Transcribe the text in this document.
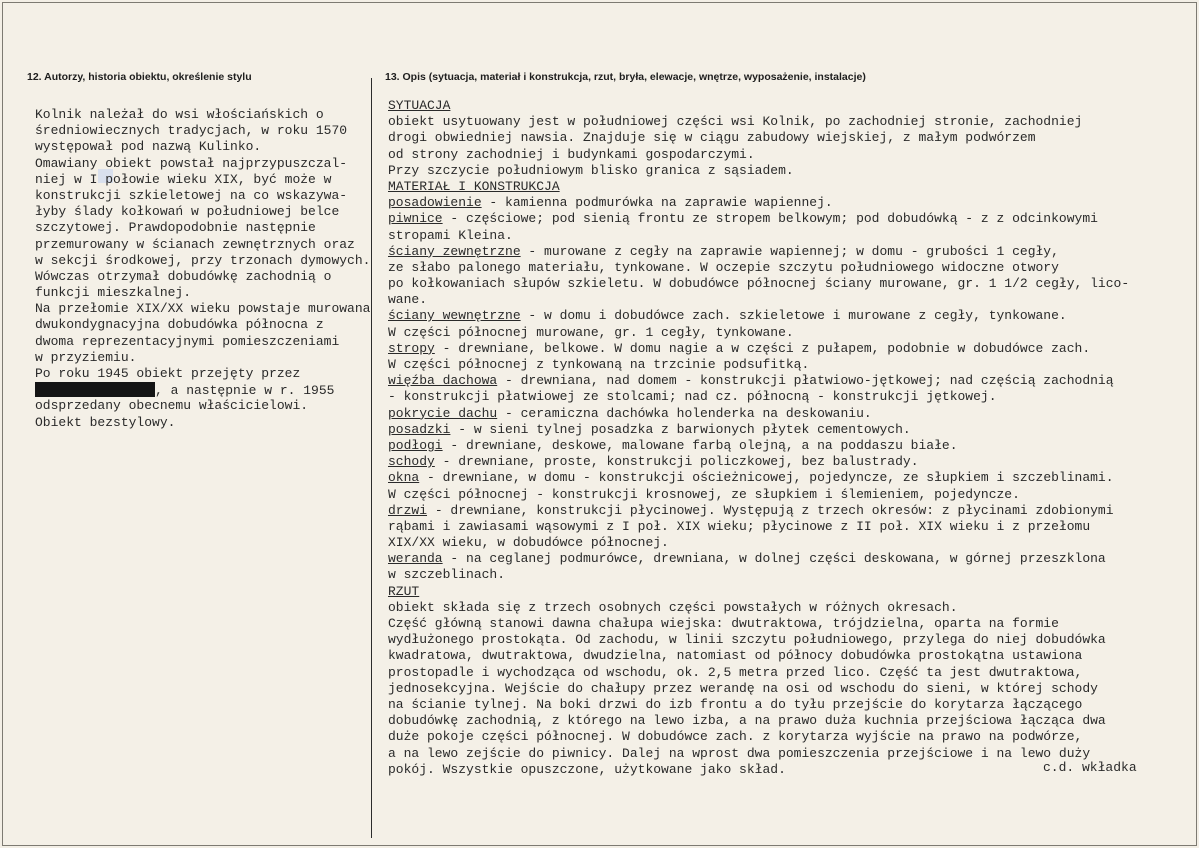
12. Autorzy, historia obiektu, określenie stylu	13. Opis (sytuacja, materiał i konstrukcja, rzut, bryła, elewacje, wnętrze, wyposażenie, instalacje)
Kolnik należał do wsi włościańskich o
średniowiecznych tradycjach, w roku 1570
występował pod nazwą Kulinko.
Omawiany obiekt powstał najprzypuszczal-
niej w I połowie wieku XIX, być może w
konstrukcji szkieletowej na co wskazywa-
łyby ślady kołkowań w południowej belce
szczytowej. Prawdopodobnie następnie
przemurowany w ścianach zewnętrznych oraz
w sekcji środkowej, przy trzonach dymowych.
Wówczas otrzymał dobudówkę zachodnią o
funkcji mieszkalnej.
Na przełomie XIX/XX wieku powstaje murowana
dwukondygnacyjna dobudówka północna z
dwoma reprezentacyjnymi pomieszczeniami
w przyziemiu.
Po roku 1945 obiekt przejęty przez
, a następnie w r. 1955
odsprzedany obecnemu właścicielowi.
Obiekt bezstylowy.
SYTUACJA
obiekt usytuowany jest w południowej części wsi Kolnik, po zachodniej stronie, zachodniej
drogi obwiedniej nawsia. Znajduje się w ciągu zabudowy wiejskiej, z małym podwórzem
od strony zachodniej i budynkami gospodarczymi.
Przy szczycie południowym blisko granica z sąsiadem.
MATERIAŁ I KONSTRUKCJA
posadowienie - kamienna podmurówka na zaprawie wapiennej.
piwnice - częściowe; pod sienią frontu ze stropem belkowym; pod dobudówką - z z odcinkowymi
stropami Kleina.
ściany zewnętrzne - murowane z cegły na zaprawie wapiennej; w domu - grubości 1 cegły,
ze słabo palonego materiału, tynkowane. W oczepie szczytu południowego widoczne otwory
po kołkowaniach słupów szkieletu. W dobudówce północnej ściany murowane, gr. 1 1/2 cegły, lico-
wane.
ściany wewnętrzne - w domu i dobudówce zach. szkieletowe i murowane z cegły, tynkowane.
W części północnej murowane, gr. 1 cegły, tynkowane.
stropy - drewniane, belkowe. W domu nagie a w części z pułapem, podobnie w dobudówce zach.
W części północnej z tynkowaną na trzcinie podsufitką.
więźba dachowa - drewniana, nad domem - konstrukcji płatwiowo-jętkowej; nad częścią zachodnią
- konstrukcji płatwiowej ze stolcami; nad cz. północną - konstrukcji jętkowej.
pokrycie dachu - ceramiczna dachówka holenderka na deskowaniu.
posadzki - w sieni tylnej posadzka z barwionych płytek cementowych.
podłogi - drewniane, deskowe, malowane farbą olejną, a na poddaszu białe.
schody - drewniane, proste, konstrukcji policzkowej, bez balustrady.
okna - drewniane, w domu - konstrukcji ościeżnicowej, pojedyncze, ze słupkiem i szczeblinami.
W części północnej - konstrukcji krosnowej, ze słupkiem i ślemieniem, pojedyncze.
drzwi - drewniane, konstrukcji płycinowej. Występują z trzech okresów: z płycinami zdobionymi
rąbami i zawiasami wąsowymi z I poł. XIX wieku; płycinowe z II poł. XIX wieku i z przełomu
XIX/XX wieku, w dobudówce północnej.
weranda - na ceglanej podmurówce, drewniana, w dolnej części deskowana, w górnej przeszklona
w szczeblinach.
RZUT
obiekt składa się z trzech osobnych części powstałych w różnych okresach.
Część główną stanowi dawna chałupa wiejska: dwutraktowa, trójdzielna, oparta na formie
wydłużonego prostokąta. Od zachodu, w linii szczytu południowego, przylega do niej dobudówka
kwadratowa, dwutraktowa, dwudzielna, natomiast od północy dobudówka prostokątna ustawiona
prostopadle i wychodząca od wschodu, ok. 2,5 metra przed lico. Część ta jest dwutraktowa,
jednosekcyjna. Wejście do chałupy przez werandę na osi od wschodu do sieni, w której schody
na ścianie tylnej. Na boki drzwi do izb frontu a do tyłu przejście do korytarza łączącego
dobudówkę zachodnią, z którego na lewo izba, a na prawo duża kuchnia przejściowa łącząca dwa
duże pokoje części północnej. W dobudówce zach. z korytarza wyjście na prawo na podwórze,
a na lewo zejście do piwnicy. Dalej na wprost dwa pomieszczenia przejściowe i na lewo duży
pokój. Wszystkie opuszczone, użytkowane jako skład.	c.d. wkładka
